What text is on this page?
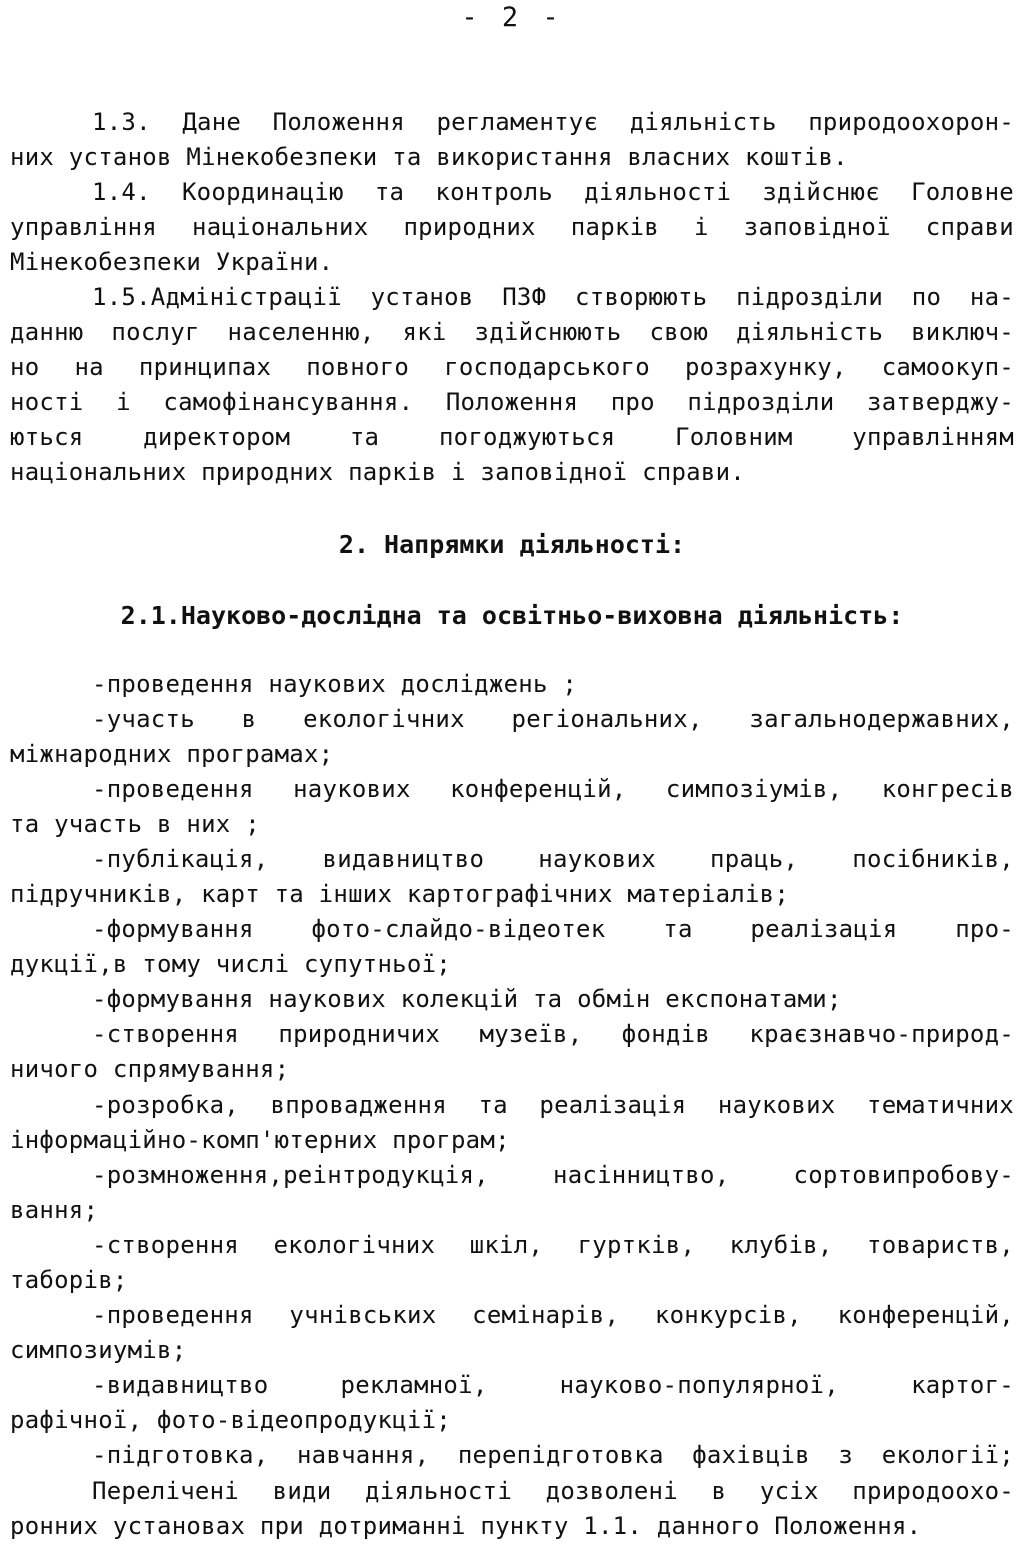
- 2 -
1.3. Дане Положення регламентує діяльність природоохорон-
них установ Мінекобезпеки та використання власних коштів.
1.4. Координацію та контроль діяльності здійснює Головне
управління національних природних парків і заповідної справи
Мінекобезпеки України.
1.5.Адміністрації установ ПЗФ створюють підрозділи по на-
данню послуг населенню, які здійснюють свою діяльність виключ-
но на принципах повного господарського розрахунку, самоокуп-
ності і самофінансування. Положення про підрозділи затверджу-
ються директором та погоджуються Головним управлінням
національних природних парків і заповідної справи.
2. Напрямки діяльності:
2.1.Науково-дослідна та освітньо-виховна діяльність:
-проведення наукових досліджень ;
-участь в екологічних регіональних, загальнодержавних,
міжнародних програмах;
-проведення наукових конференцій, симпозіумів, конгресів
та участь в них ;
-публікація, видавництво наукових праць, посібників,
підручників, карт та інших картографічних матеріалів;
-формування фото-слайдо-відеотек та реалізація про-
дукції,в тому числі супутньої;
-формування наукових колекцій та обмін експонатами;
-створення природничих музеїв, фондів краєзнавчо-природ-
ничого спрямування;
-розробка, впровадження та реалізація наукових тематичних
інформаційно-комп'ютерних програм;
-розмноження,реінтродукція, насінництво, сортовипробову-
вання;
-створення екологічних шкіл, гуртків, клубів, товариств,
таборів;
-проведення учнівських семінарів, конкурсів, конференцій,
симпозиумів;
-видавництво рекламної, науково-популярної, картог-
рафічної, фото-відеопродукції;
-підготовка, навчання, перепідготовка фахівців з екології;
Перелічені види діяльності дозволені в усіх природоохо-
ронних установах при дотриманні пункту 1.1. данного Положення.
